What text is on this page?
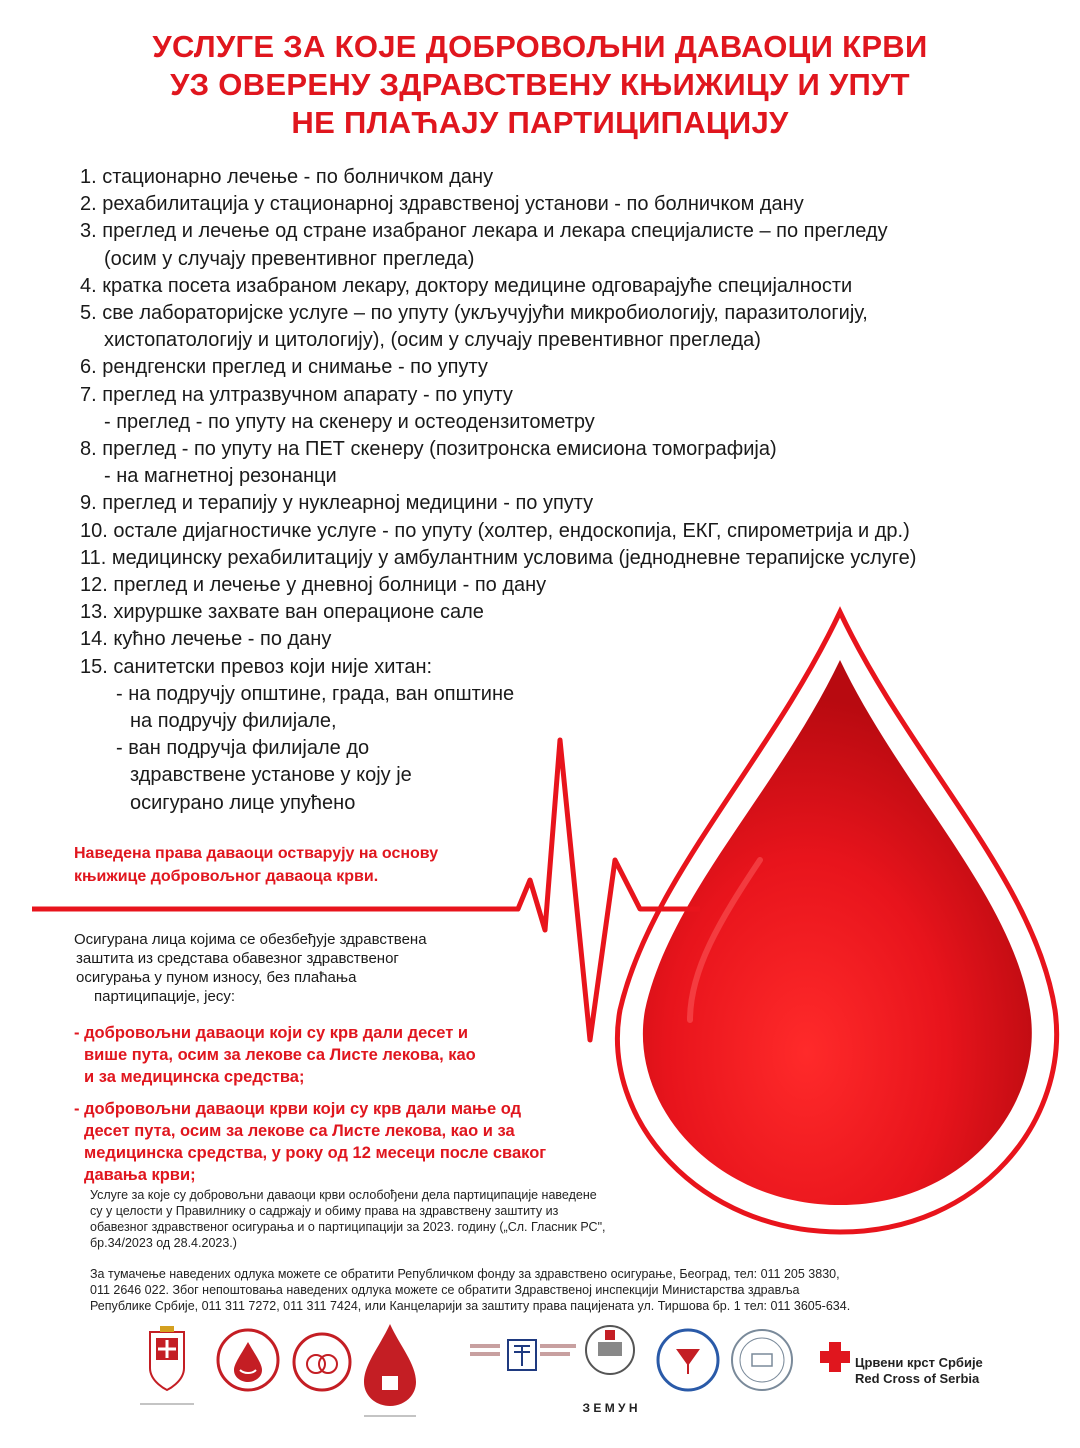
УСЛУГЕ ЗА КОЈЕ ДОБРОВОЉНИ ДАВАОЦИ КРВИ
УЗ ОВЕРЕНУ ЗДРАВСТВЕНУ КЊИЖИЦУ И УПУТ
НЕ ПЛАЋАЈУ ПАРТИЦИПАЦИЈУ
1. стационарно лечење - по болничком дану
2. рехабилитација у стационарној здравственој установи - по болничком дану
3. преглед и лечење од стране изабраног лекара и лекара специјалисте – по прегледу
(осим у случају превентивног прегледа)
4. кратка посета изабраном лекару, доктору медицине одговарајуће специјалности
5. све лабораторијске услуге – по упуту (укључујући микробиологију, паразитологију,
хистопатологију и цитологију), (осим у случају превентивног прегледа)
6. рендгенски преглед и снимање - по упуту
7. преглед на ултразвучном апарату - по упуту
- преглед - по упуту на скенеру и остеодензитометру
8. преглед - по упуту на ПЕТ скенеру (позитронска емисиона томографија)
- на магнетној резонанци
9. преглед и терапију у нуклеарној медицини - по упуту
10. остале дијагностичке услуге - по упуту (холтер, ендоскопија, ЕКГ, спирометрија и др.)
11. медицинску рехабилитацију у амбулантним условима (једнодневне терапијске услуге)
12. преглед и лечење у дневној болници - по дану
13. хируршке захвате ван операционе сале
14. кућно лечење - по дану
15. санитетски превоз који није хитан:
- на подручју општине, града, ван општине
на подручју филијале,
- ван подручја филијале до
здравствене установе у коју је
осигурано лице упућено
Наведена права даваоци остварују на основу
књижице добровољног даваоца крви.
Осигурана лица којима се обезбеђује здравствена
заштита из средстава обавезног здравственог
осигурања у пуном износу, без плаћања
партиципације, јесу:

- добровољни даваоци који су крв дали десет и
више пута, осим за лекове са Листе лекова, као
и за медицинска средства;

- добровољни даваоци крви који су крв дали мање од
десет пута, осим за лекове са Листе лекова, као и за
медицинска средства, у року од 12 месеци после сваког
давања крви;

Услуге за које су добровољни даваоци крви ослобођени дела партиципације наведене
су у целости у Правилнику о садржају и обиму права на здравствену заштиту из
обавезног здравственог осигурања и о партиципацији за 2023. годину („Сл. Гласник РС",
бр.34/2023 од 28.4.2023.)
За тумачење наведених одлука можете се обратити Републичком фонду за здравствено осигурање, Београд, тел: 011 205 3830,
011 2646 022. Због непоштовања наведених одлука можете се обратити Здравственој инспекцији Министарства здравља
Републике Србије, 011 311 7272, 011 311 7424, или Канцеларији за заштиту права пацијената ул. Тиршова бр. 1 тел: 011 3605-634.
З Е М У Н
Црвени крст Србије
Red Cross of Serbia
